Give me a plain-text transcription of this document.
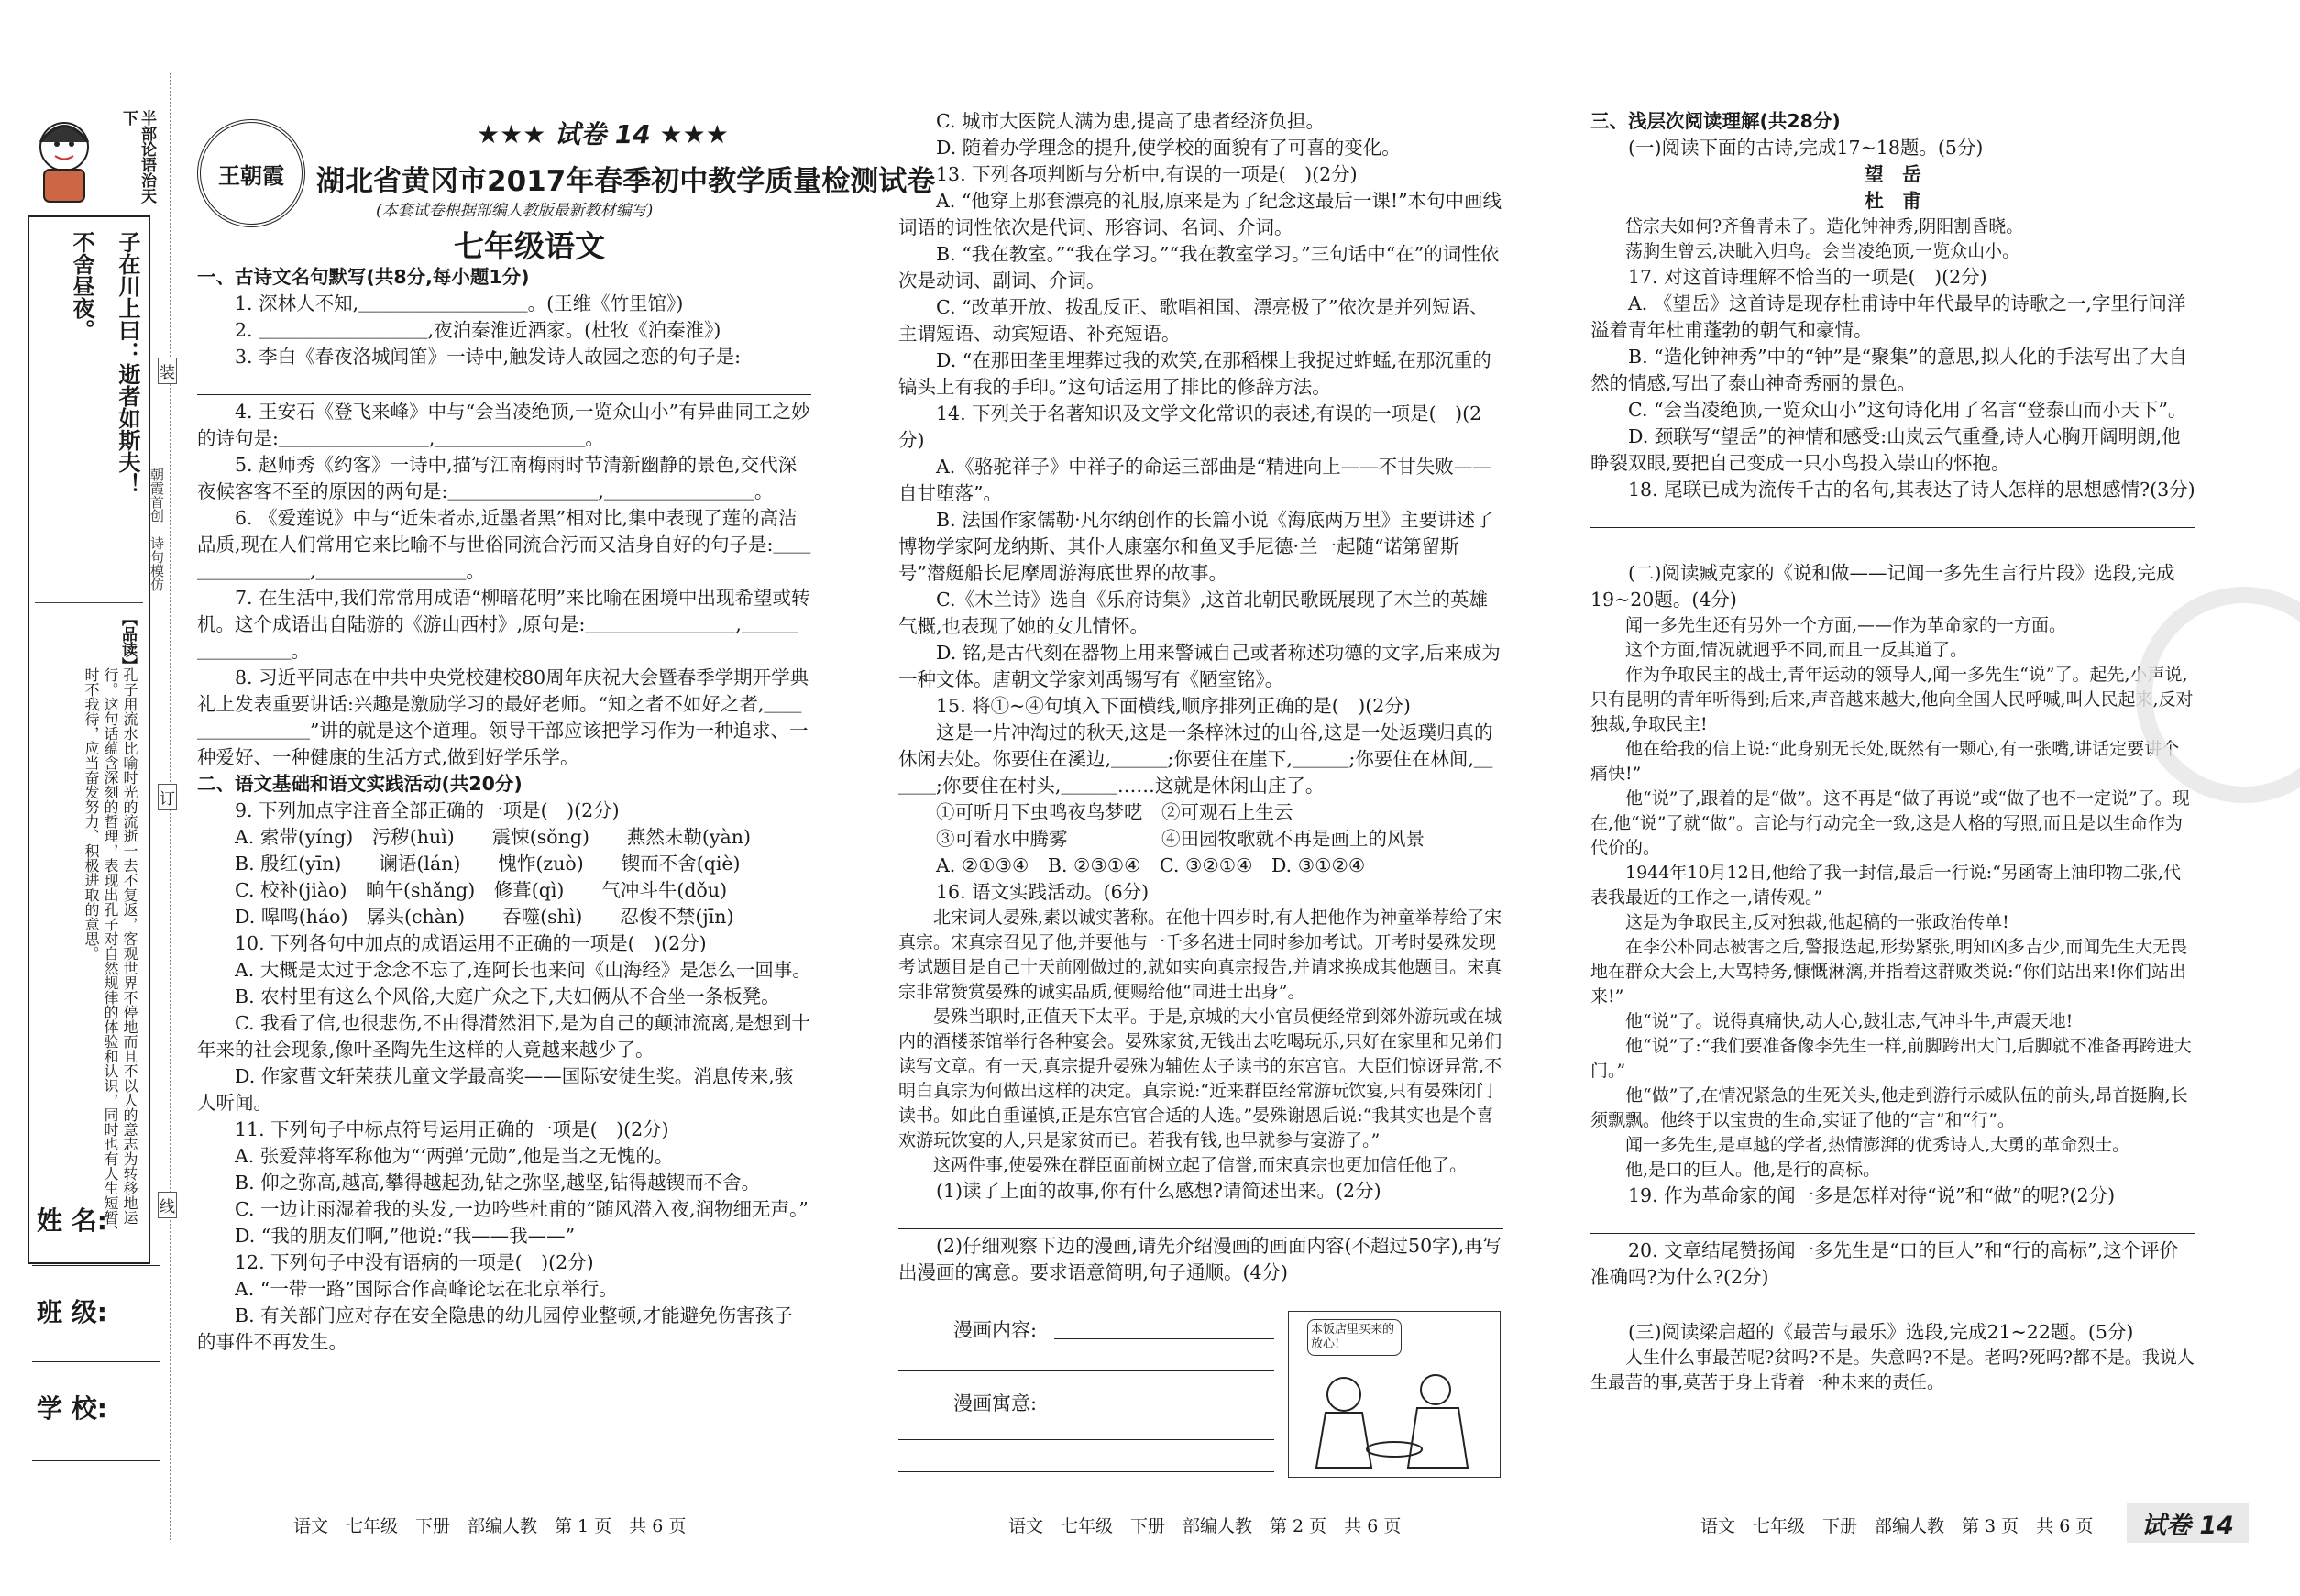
半部论语治天下
子在川上曰：逝者如斯夫！
不舍昼夜。
【品读】
孔子用流水比喻时光的流逝一去不复返，客观世界不停地而且不以人的意志为转移地运行。这句话蕴含深刻的哲理，表现出孔子对自然规律的体验和认识，同时也有人生短暂、时不我待，应当奋发努力、积极进取的意思。
姓 名:
班 级:
学 校:
装
订
线
朝霞首创　诗句模仿
王朝霞
★★★ 试卷 14 ★★★
湖北省黄冈市2017年春季初中教学质量检测试卷
(本套试卷根据部编人教版最新教材编写)
七年级语文

一、古诗文名句默写(共8分,每小题1分)

1. 深林人不知,＿＿＿＿＿＿＿＿＿。(王维《竹里馆》)

2. ＿＿＿＿＿＿＿＿＿,夜泊秦淮近酒家。(杜牧《泊秦淮》)

3. 李白《春夜洛城闻笛》一诗中,触发诗人故园之恋的句子是:

4. 王安石《登飞来峰》中与“会当凌绝顶,一览众山小”有异曲同工之妙的诗句是:＿＿＿＿＿＿＿＿,＿＿＿＿＿＿＿＿。

5. 赵师秀《约客》一诗中,描写江南梅雨时节清新幽静的景色,交代深夜候客客不至的原因的两句是:＿＿＿＿＿＿＿＿,＿＿＿＿＿＿＿＿。

6. 《爱莲说》中与“近朱者赤,近墨者黑”相对比,集中表现了莲的高洁品质,现在人们常用它来比喻不与世俗同流合污而又洁身自好的句子是:＿＿＿＿＿＿＿＿,＿＿＿＿＿＿＿＿。

7. 在生活中,我们常常用成语“柳暗花明”来比喻在困境中出现希望或转机。这个成语出自陆游的《游山西村》,原句是:＿＿＿＿＿＿＿＿,＿＿＿＿＿＿＿＿。

8. 习近平同志在中共中央党校建校80周年庆祝大会暨春季学期开学典礼上发表重要讲话:兴趣是激励学习的最好老师。“知之者不如好之者,＿＿＿＿＿＿＿＿”讲的就是这个道理。领导干部应该把学习作为一种追求、一种爱好、一种健康的生活方式,做到好学乐学。

二、语文基础和语文实践活动(共20分)

9. 下列加点字注音全部正确的一项是(　)(2分)

A. 索带(yíng)　污秽(huì)　　震悚(sǒng)　　燕然未勒(yàn)

B. 殷红(yīn)　　谰语(lán)　　愧怍(zuò)　　锲而不舍(qiè)

C. 校补(jiào)　晌午(shǎng)　修葺(qì)　　气冲斗牛(dǒu)

D. 嗥鸣(háo)　孱头(chàn)　　吞噬(shì)　　忍俊不禁(jīn)

10. 下列各句中加点的成语运用不正确的一项是(　)(2分)

A. 大概是太过于念念不忘了,连阿长也来问《山海经》是怎么一回事。

B. 农村里有这么个风俗,大庭广众之下,夫妇俩从不合坐一条板凳。

C. 我看了信,也很悲伤,不由得潸然泪下,是为自己的颠沛流离,是想到十年来的社会现象,像叶圣陶先生这样的人竟越来越少了。

D. 作家曹文轩荣获儿童文学最高奖——国际安徒生奖。消息传来,骇人听闻。

11. 下列句子中标点符号运用正确的一项是(　)(2分)

A. 张爱萍将军称他为“‘两弹’元勋”,他是当之无愧的。

B. 仰之弥高,越高,攀得越起劲,钻之弥坚,越坚,钻得越锲而不舍。

C. 一边让雨湿着我的头发,一边吟些杜甫的“随风潜入夜,润物细无声。”

D. “我的朋友们啊,”他说:“我——我——”

12. 下列句子中没有语病的一项是(　)(2分)

A. “一带一路”国际合作高峰论坛在北京举行。

B. 有关部门应对存在安全隐患的幼儿园停业整顿,才能避免伤害孩子的事件不再发生。

C. 城市大医院人满为患,提高了患者经济负担。

D. 随着办学理念的提升,使学校的面貌有了可喜的变化。

13. 下列各项判断与分析中,有误的一项是(　)(2分)

A. “他穿上那套漂亮的礼服,原来是为了纪念这最后一课!”本句中画线词语的词性依次是代词、形容词、名词、介词。

B. “我在教室。”“我在学习。”“我在教室学习。”三句话中“在”的词性依次是动词、副词、介词。

C. “改革开放、拨乱反正、歌唱祖国、漂亮极了”依次是并列短语、主谓短语、动宾短语、补充短语。

D. “在那田垄里埋葬过我的欢笑,在那稻棵上我捉过蚱蜢,在那沉重的镐头上有我的手印。”这句话运用了排比的修辞方法。

14. 下列关于名著知识及文学文化常识的表述,有误的一项是(　)(2分)

A.《骆驼祥子》中祥子的命运三部曲是“精进向上——不甘失败——自甘堕落”。

B. 法国作家儒勒·凡尔纳创作的长篇小说《海底两万里》主要讲述了博物学家阿龙纳斯、其仆人康塞尔和鱼叉手尼德·兰一起随“诺第留斯号”潜艇船长尼摩周游海底世界的故事。

C.《木兰诗》选自《乐府诗集》,这首北朝民歌既展现了木兰的英雄气概,也表现了她的女儿情怀。

D. 铭,是古代刻在器物上用来警诫自己或者称述功德的文字,后来成为一种文体。唐朝文学家刘禹锡写有《陋室铭》。

15. 将①~④句填入下面横线,顺序排列正确的是(　)(2分)

这是一片冲淘过的秋天,这是一条梓沐过的山谷,这是一处返璞归真的休闲去处。你要住在溪边,＿＿＿;你要住在崖下,＿＿＿;你要住在林间,＿＿＿;你要住在村头,＿＿＿……这就是休闲山庄了。

①可听月下虫鸣夜鸟梦呓　②可观石上生云

③可看水中腾雾　　　　　④田园牧歌就不再是画上的风景

A. ②①③④　B. ②③①④　C. ③②①④　D. ③①②④

16. 语文实践活动。(6分)

北宋词人晏殊,素以诚实著称。在他十四岁时,有人把他作为神童举荐给了宋真宗。宋真宗召见了他,并要他与一千多名进士同时参加考试。开考时晏殊发现考试题目是自己十天前刚做过的,就如实向真宗报告,并请求换成其他题目。宋真宗非常赞赏晏殊的诚实品质,便赐给他“同进士出身”。

晏殊当职时,正值天下太平。于是,京城的大小官员便经常到郊外游玩或在城内的酒楼茶馆举行各种宴会。晏殊家贫,无钱出去吃喝玩乐,只好在家里和兄弟们读写文章。有一天,真宗提升晏殊为辅佐太子读书的东宫官。大臣们惊讶异常,不明白真宗为何做出这样的决定。真宗说:“近来群臣经常游玩饮宴,只有晏殊闭门读书。如此自重谨慎,正是东宫官合适的人选。”晏殊谢恩后说:“我其实也是个喜欢游玩饮宴的人,只是家贫而已。若我有钱,也早就参与宴游了。”

这两件事,使晏殊在群臣面前树立起了信誉,而宋真宗也更加信任他了。

(1)读了上面的故事,你有什么感想?请简述出来。(2分)

(2)仔细观察下边的漫画,请先介绍漫画的画面内容(不超过50字),再写出漫画的寓意。要求语意简明,句子通顺。(4分)

漫画内容:
漫画寓意:
本饭店里买来的放心!

三、浅层次阅读理解(共28分)

(一)阅读下面的古诗,完成17~18题。(5分)

望　岳

杜　甫

岱宗夫如何?齐鲁青未了。造化钟神秀,阴阳割昏晓。

荡胸生曾云,决眦入归鸟。会当凌绝顶,一览众山小。

17. 对这首诗理解不恰当的一项是(　)(2分)

A. 《望岳》这首诗是现存杜甫诗中年代最早的诗歌之一,字里行间洋溢着青年杜甫蓬勃的朝气和豪情。

B. “造化钟神秀”中的“钟”是“聚集”的意思,拟人化的手法写出了大自然的情感,写出了泰山神奇秀丽的景色。

C. “会当凌绝顶,一览众山小”这句诗化用了名言“登泰山而小天下”。

D. 颈联写“望岳”的神情和感受:山岚云气重叠,诗人心胸开阔明朗,他睁裂双眼,要把自己变成一只小鸟投入崇山的怀抱。

18. 尾联已成为流传千古的名句,其表达了诗人怎样的思想感情?(3分)

(二)阅读臧克家的《说和做——记闻一多先生言行片段》选段,完成19~20题。(4分)

闻一多先生还有另外一个方面,——作为革命家的一方面。

这个方面,情况就迥乎不同,而且一反其道了。

作为争取民主的战士,青年运动的领导人,闻一多先生“说”了。起先,小声说,只有昆明的青年听得到;后来,声音越来越大,他向全国人民呼喊,叫人民起来,反对独裁,争取民主!

他在给我的信上说:“此身别无长处,既然有一颗心,有一张嘴,讲话定要讲个痛快!”

他“说”了,跟着的是“做”。这不再是“做了再说”或“做了也不一定说”了。现在,他“说”了就“做”。言论与行动完全一致,这是人格的写照,而且是以生命作为代价的。

1944年10月12日,他给了我一封信,最后一行说:“另函寄上油印物二张,代表我最近的工作之一,请传观。”

这是为争取民主,反对独裁,他起稿的一张政治传单!

在李公朴同志被害之后,警报迭起,形势紧张,明知凶多吉少,而闻先生大无畏地在群众大会上,大骂特务,慷慨淋漓,并指着这群败类说:“你们站出来!你们站出来!”

他“说”了。说得真痛快,动人心,鼓壮志,气冲斗牛,声震天地!

他“说”了:“我们要准备像李先生一样,前脚跨出大门,后脚就不准备再跨进大门。”

他“做”了,在情况紧急的生死关头,他走到游行示威队伍的前头,昂首挺胸,长须飘飘。他终于以宝贵的生命,实证了他的“言”和“行”。

闻一多先生,是卓越的学者,热情澎湃的优秀诗人,大勇的革命烈士。

他,是口的巨人。他,是行的高标。

19. 作为革命家的闻一多是怎样对待“说”和“做”的呢?(2分)

20. 文章结尾赞扬闻一多先生是“口的巨人”和“行的高标”,这个评价准确吗?为什么?(2分)

(三)阅读梁启超的《最苦与最乐》选段,完成21~22题。(5分)

人生什么事最苦呢?贫吗?不是。失意吗?不是。老吗?死吗?都不是。我说人生最苦的事,莫苦于身上背着一种未来的责任。

语文　七年级　下册　部编人教　第 1 页　共 6 页	语文　七年级　下册　部编人教　第 2 页　共 6 页	语文　七年级　下册　部编人教　第 3 页　共 6 页	试卷 14
